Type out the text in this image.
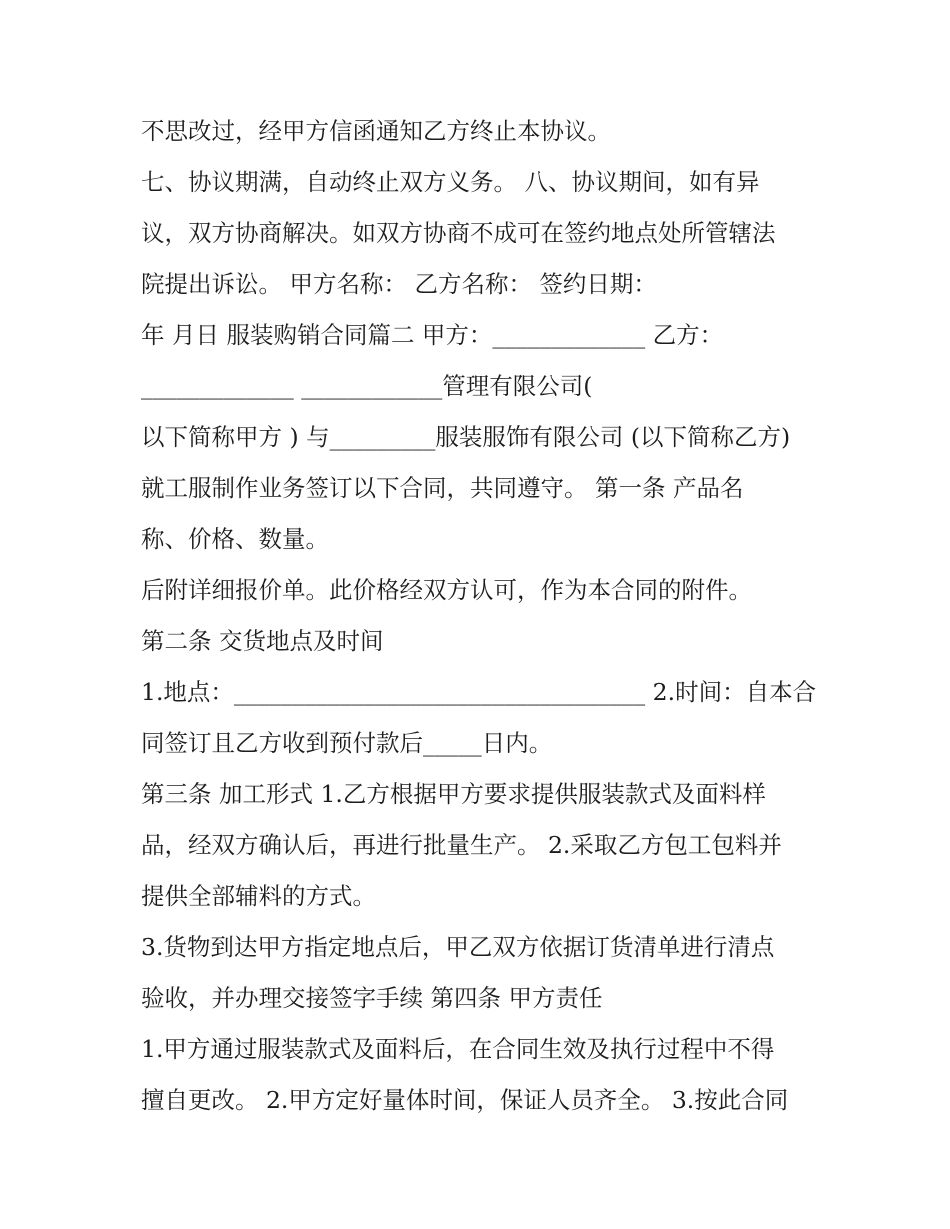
不思改过，经甲方信函通知乙方终止本协议。
七、协议期满，自动终止双方义务。 八、协议期间，如有异
议，双方协商解决。如双方协商不成可在签约地点处所管辖法
院提出诉讼。 甲方名称： 乙方名称： 签约日期：
年 月日 服装购销合同篇二 甲方：_____________ 乙方：
_____________ ____________管理有限公司(
以下简称甲方 ) 与_________服装服饰有限公司 (以下简称乙方)
就工服制作业务签订以下合同，共同遵守。 第一条 产品名
称、价格、数量。
后附详细报价单。此价格经双方认可，作为本合同的附件。
第二条 交货地点及时间
1.地点：___________________________________ 2.时间：自本合
同签订且乙方收到预付款后_____日内。
第三条 加工形式 1.乙方根据甲方要求提供服装款式及面料样
品，经双方确认后，再进行批量生产。 2.采取乙方包工包料并
提供全部辅料的方式。
3.货物到达甲方指定地点后，甲乙双方依据订货清单进行清点
验收，并办理交接签字手续 第四条 甲方责任
1.甲方通过服装款式及面料后，在合同生效及执行过程中不得
擅自更改。 2.甲方定好量体时间，保证人员齐全。 3.按此合同
